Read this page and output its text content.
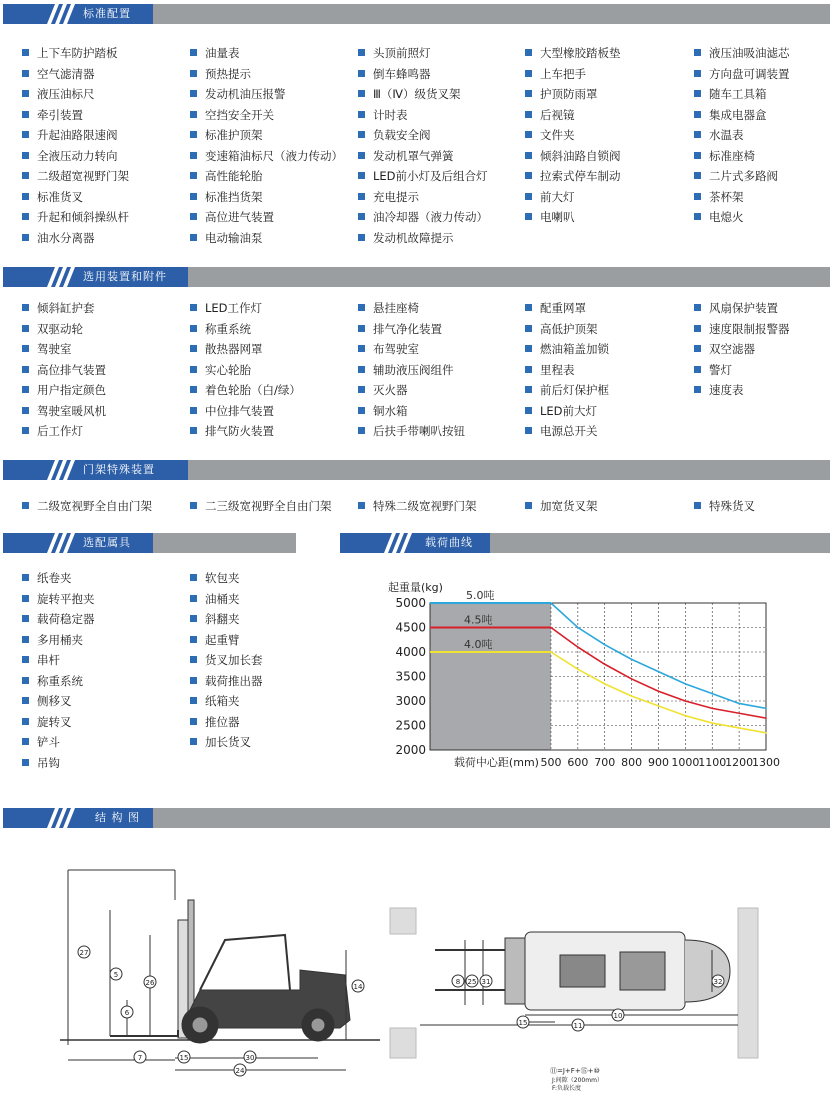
标准配置
选用装置和附件
门架特殊装置
选配属具	载荷曲线
结 构 图
上下车防护踏板
空气滤清器
液压油标尺
牵引装置
升起油路限速阀
全液压动力转向
二级超宽视野门架
标准货叉
升起和倾斜操纵杆
油水分离器
油量表
预热提示
发动机油压报警
空挡安全开关
标准护顶架
变速箱油标尺（液力传动）
高性能轮胎
标准挡货架
高位进气装置
电动输油泵
头顶前照灯
倒车蜂鸣器
Ⅲ（Ⅳ）级货叉架
计时表
负载安全阀
发动机罩气弹簧
LED前小灯及后组合灯
充电提示
油冷却器（液力传动）
发动机故障提示
大型橡胶踏板垫
上车把手
护顶防雨罩
后视镜
文件夹
倾斜油路自锁阀
拉索式停车制动
前大灯
电喇叭
液压油吸油滤芯
方向盘可调装置
随车工具箱
集成电器盒
水温表
标准座椅
二片式多路阀
茶杯架
电熄火
倾斜缸护套
双驱动轮
驾驶室
高位排气装置
用户指定颜色
驾驶室暖风机
后工作灯
LED工作灯
称重系统
散热器网罩
实心轮胎
着色轮胎（白/绿）
中位排气装置
排气防火装置
悬挂座椅
排气净化装置
布驾驶室
辅助液压阀组件
灭火器
铜水箱
后扶手带喇叭按钮
配重网罩
高低护顶架
燃油箱盖加锁
里程表
前后灯保护框
LED前大灯
电源总开关
风扇保护装置
速度限制报警器
双空滤器
警灯
速度表
二级宽视野全自由门架	二三级宽视野全自由门架	特殊二级宽视野门架	加宽货叉架	特殊货叉
纸卷夹
旋转平抱夹
载荷稳定器
多用桶夹
串杆
称重系统
侧移叉
旋转叉
铲斗
吊钩
软包夹
油桶夹
斜翻夹
起重臂
货叉加长套
载荷推出器
纸箱夹
推位器
加长货叉
5000
4500
4000
3500
3000
2500
2000
500 600 700 800 900 1000
1100
1200
1300
起重量(kg)
载荷中心距(mm)
5.0吨
4.5吨
4.0吨
27
5
26
6
14
7	15	30
24
Aaa	8 25 31	32
15
10
11
⑪=J+F+⑮+⑩
J:间隙（200mm）
F:负载长度
